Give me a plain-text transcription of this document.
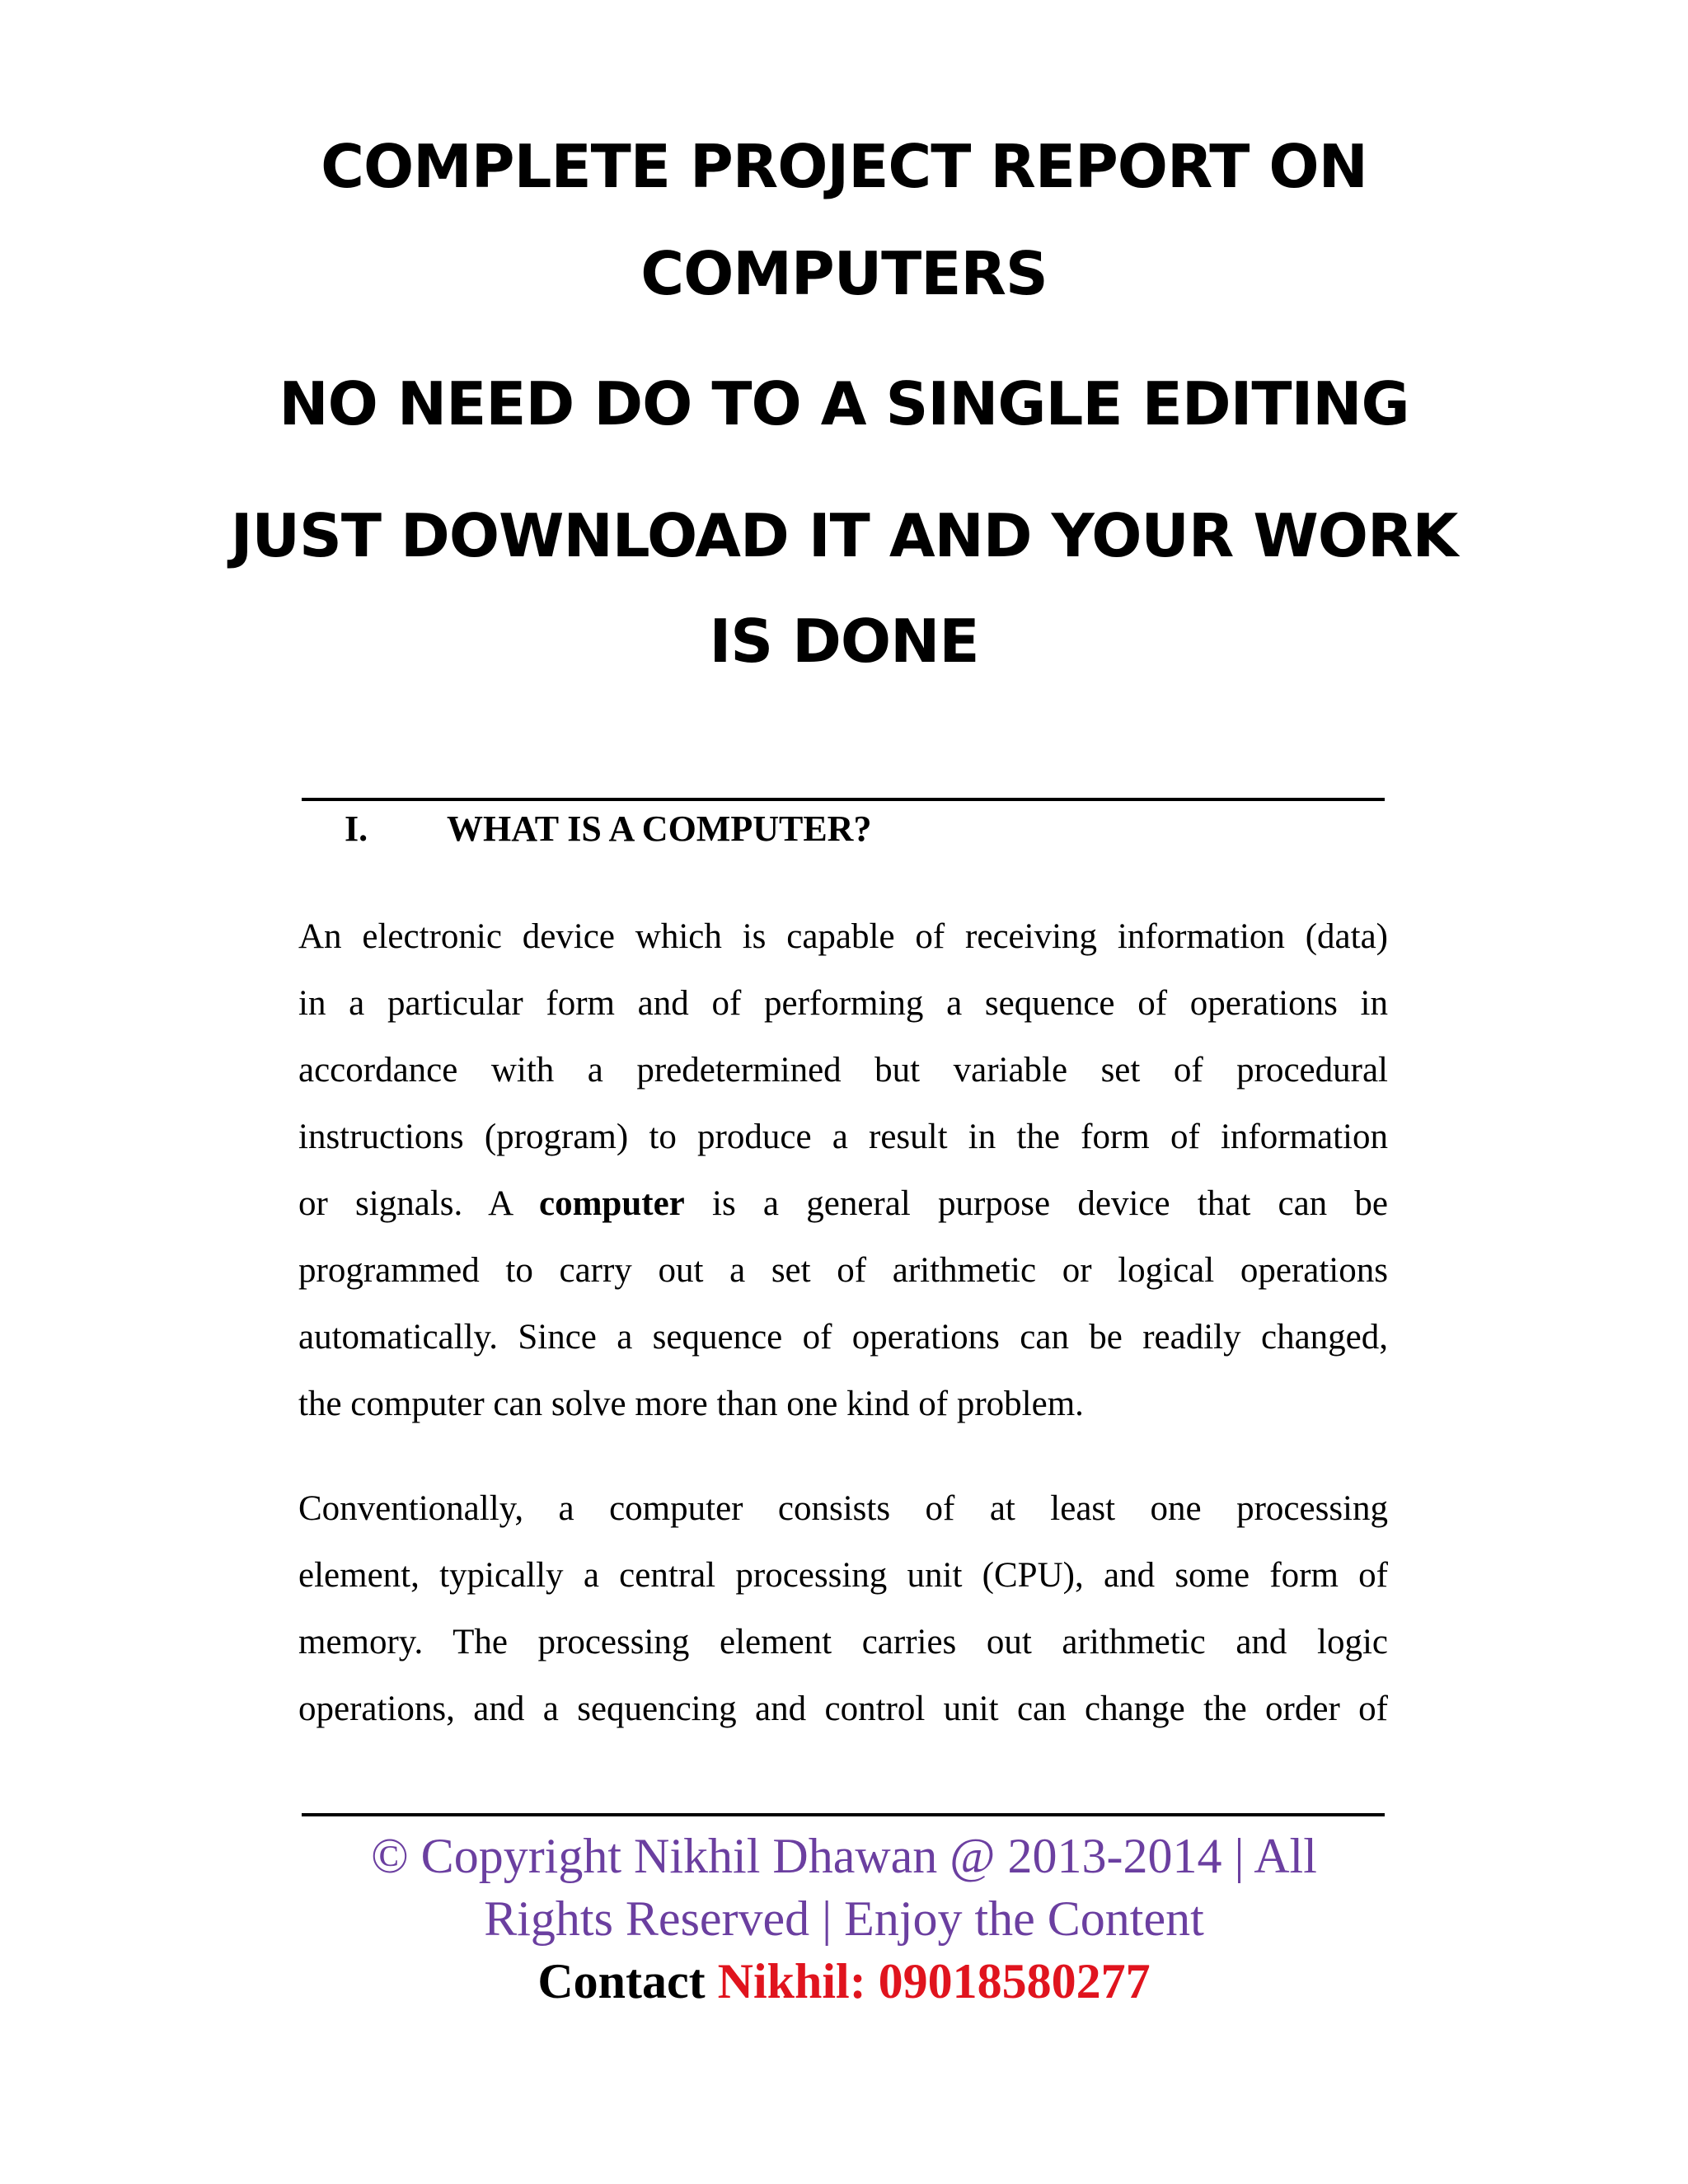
COMPLETE PROJECT REPORT ON
COMPUTERS
NO NEED DO TO A SINGLE EDITING
JUST DOWNLOAD IT AND YOUR WORK
IS DONE
I. WHAT IS A COMPUTER?
An electronic device which is capable of receiving information (data)
in a particular form and of performing a sequence of operations in
accordance with a predetermined but variable set of procedural
instructions (program) to produce a result in the form of information
or signals. A computer is a general purpose device that can be
programmed to carry out a set of arithmetic or logical operations
automatically. Since a sequence of operations can be readily changed,
the computer can solve more than one kind of problem.
Conventionally, a computer consists of at least one processing
element, typically a central processing unit (CPU), and some form of
memory. The processing element carries out arithmetic and logic
operations, and a sequencing and control unit can change the order of
© Copyright Nikhil Dhawan @ 2013-2014 | All
Rights Reserved | Enjoy the Content
Contact Nikhil: 09018580277
